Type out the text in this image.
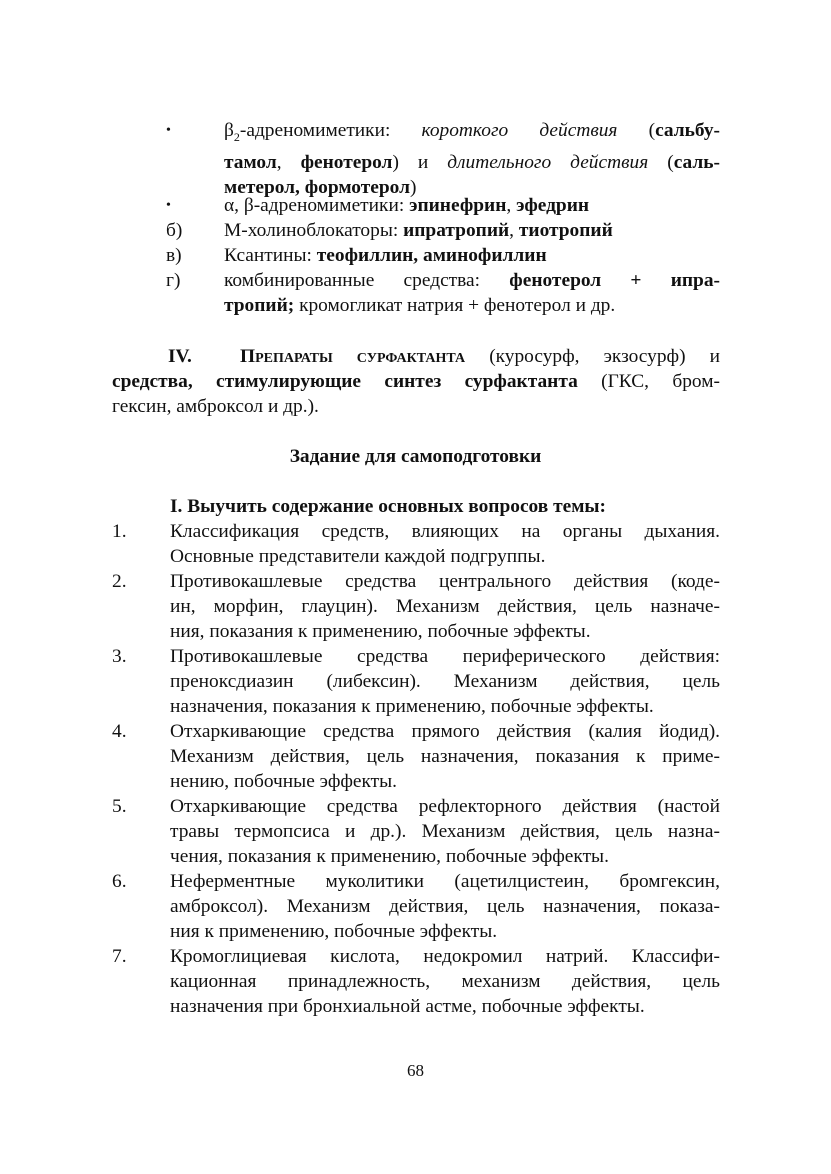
•	$\beta_2$-адреномиметики: короткого действия (сальбу-
тамол, фенотерол) и длительного действия (саль-
метерол, формотерол)
•	α, β-адреномиметики: эпинефрин, эфедрин
б) М-холиноблокаторы: ипратропий, тиотропий
в) Ксантины: теофиллин, аминофиллин
г) комбинированные средства: фенотерол + ипра-
тропий; кромогликат натрия + фенотерол и др.
IV. Препараты сурфактанта (куросурф, экзосурф) и
средства, стимулирующие синтез сурфактанта (ГКС, бром-
гексин, амброксол и др.).
Задание для самоподготовки
I. Выучить содержание основных вопросов темы:
1. Классификация средств, влияющих на органы дыхания.
Основные представители каждой подгруппы.
2. Противокашлевые средства центрального действия (коде-
ин, морфин, глауцин). Механизм действия, цель назначе-
ния, показания к применению, побочные эффекты.
3. Противокашлевые средства периферического действия:
преноксдиазин (либексин). Механизм действия, цель
назначения, показания к применению, побочные эффекты.
4. Отхаркивающие средства прямого действия (калия йодид).
Механизм действия, цель назначения, показания к приме-
нению, побочные эффекты.
5. Отхаркивающие средства рефлекторного действия (настой
травы термопсиса и др.). Механизм действия, цель назна-
чения, показания к применению, побочные эффекты.
6. Неферментные муколитики (ацетилцистеин, бромгексин,
амброксол). Механизм действия, цель назначения, показа-
ния к применению, побочные эффекты.
7. Кромоглициевая кислота, недокромил натрий. Классифи-
кационная принадлежность, механизм действия, цель
назначения при бронхиальной астме, побочные эффекты.
68
